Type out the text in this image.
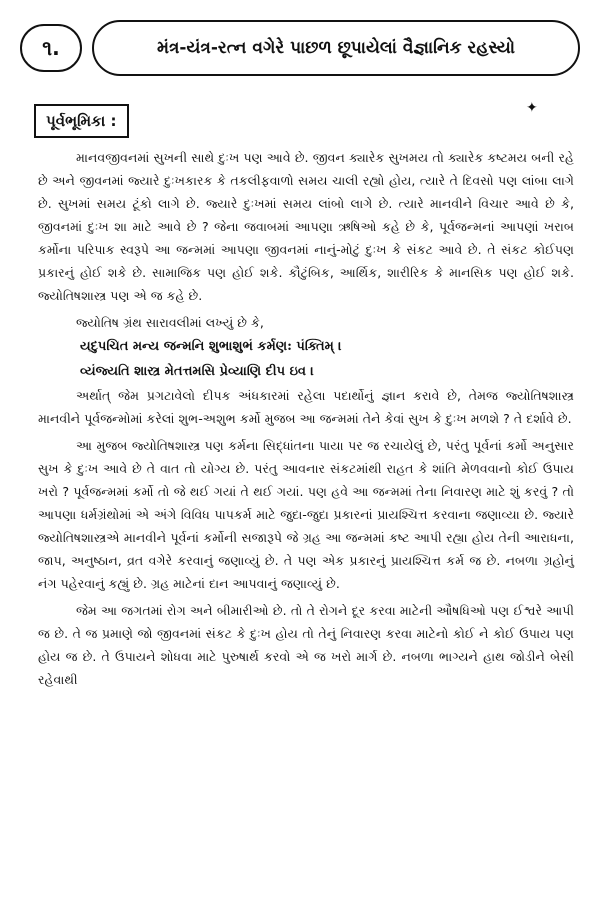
૧.	મંત્ર-યંત્ર-રત્ન વગેરે પાછળ છૂપાયેલાં વૈજ્ઞાનિક રહસ્યો
પૂર્વભૂમિકા :
✦

માનવજીવનમાં સુખની સાથે દુઃખ પણ આવે છે. જીવન ક્યારેક સુખમય તો ક્યારેક કષ્ટમય બની રહે છે અને જીવનમાં જ્યારે દુઃખકારક કે તકલીફવાળો સમય ચાલી રહ્યો હોય, ત્યારે તે દિવસો પણ લાંબા લાગે છે. સુખમાં સમય ટૂંકો લાગે છે. જ્યારે દુઃખમાં સમય લાંબો લાગે છે. ત્યારે માનવીને વિચાર આવે છે કે, જીવનમાં દુઃખ શા માટે આવે છે ? જેના જવાબમાં આપણા ઋષિઓ કહે છે કે, પૂર્વજન્મનાં આપણાં ખરાબ કર્મોના પરિપાક સ્વરૂપે આ જન્મમાં આપણા જીવનમાં નાનું-મોટું દુઃખ કે સંકટ આવે છે. તે સંકટ કોઈપણ પ્રકારનું હોઈ શકે છે. સામાજિક પણ હોઈ શકે. કૌટુંબિક, આર્થિક, શારીરિક કે માનસિક પણ હોઈ શકે. જ્યોતિષશાસ્ત્ર પણ એ જ કહે છે.

જ્યોતિષ ગ્રંથ સારાવલીમાં લખ્યું છે કે,
યદુપચિત મન્ય જન્મનિ શુભાશુભં કર્મણ: પંક્તિમ્ ।
વ્યંજ્યતિ શાસ્ત્ર મેતત્તમસિ પ્રેવ્યાણિ દીપ ઇવ ।

અર્થાત્ જેમ પ્રગટાવેલો દીપક અંધકારમાં રહેલા પદાર્થોનું જ્ઞાન કરાવે છે, તેમજ જ્યોતિષશાસ્ત્ર માનવીને પૂર્વજન્મોમાં કરેલાં શુભ-અશુભ કર્મો મુજબ આ જન્મમાં તેને કેવાં સુખ કે દુઃખ મળશે ? તે દર્શાવે છે.

આ મુજબ જ્યોતિષશાસ્ત્ર પણ કર્મના સિદ્ધાંતના પાયા પર જ રચાયેલું છે, પરંતુ પૂર્વનાં કર્મો અનુસાર સુખ કે દુઃખ આવે છે તે વાત તો યોગ્ય છે. પરંતુ આવનાર સંકટમાંથી રાહત કે શાંતિ મેળવવાનો કોઈ ઉપાય ખરો ? પૂર્વજન્મમાં કર્મો તો જે થઈ ગયાં તે થઈ ગયાં. પણ હવે આ જન્મમાં તેના નિવારણ માટે શું કરવું ? તો આપણા ધર્મગ્રંથોમાં એ અંગે વિવિધ પાપકર્મ માટે જુદા-જુદા પ્રકારનાં પ્રાયશ્ચિત્ત કરવાના જણાવ્યા છે. જ્યારે જ્યોતિષશાસ્ત્રએ માનવીને પૂર્વનાં કર્મોની સજારૂપે જે ગ્રહ આ જન્મમાં કષ્ટ આપી રહ્યા હોય તેની આરાધના, જાપ, અનુષ્ઠાન, વ્રત વગેરે કરવાનું જણાવ્યું છે. તે પણ એક પ્રકારનું પ્રાયશ્ચિત્ત કર્મ જ છે. નબળા ગ્રહોનું નંગ પહેરવાનું કહ્યું છે. ગ્રહ માટેનાં દાન આપવાનું જણાવ્યું છે.

જેમ આ જગતમાં રોગ અને બીમારીઓ છે. તો તે રોગને દૂર કરવા માટેની ઔષધિઓ પણ ઈશ્વરે આપી જ છે. તે જ પ્રમાણે જો જીવનમાં સંકટ કે દુઃખ હોય તો તેનું નિવારણ કરવા માટેનો કોઈ ને કોઈ ઉપાય પણ હોય જ છે. તે ઉપાયને શોધવા માટે પુરુષાર્થ કરવો એ જ ખરો માર્ગ છે. નબળા ભાગ્યને હાથ જોડીને બેસી રહેવાથી
